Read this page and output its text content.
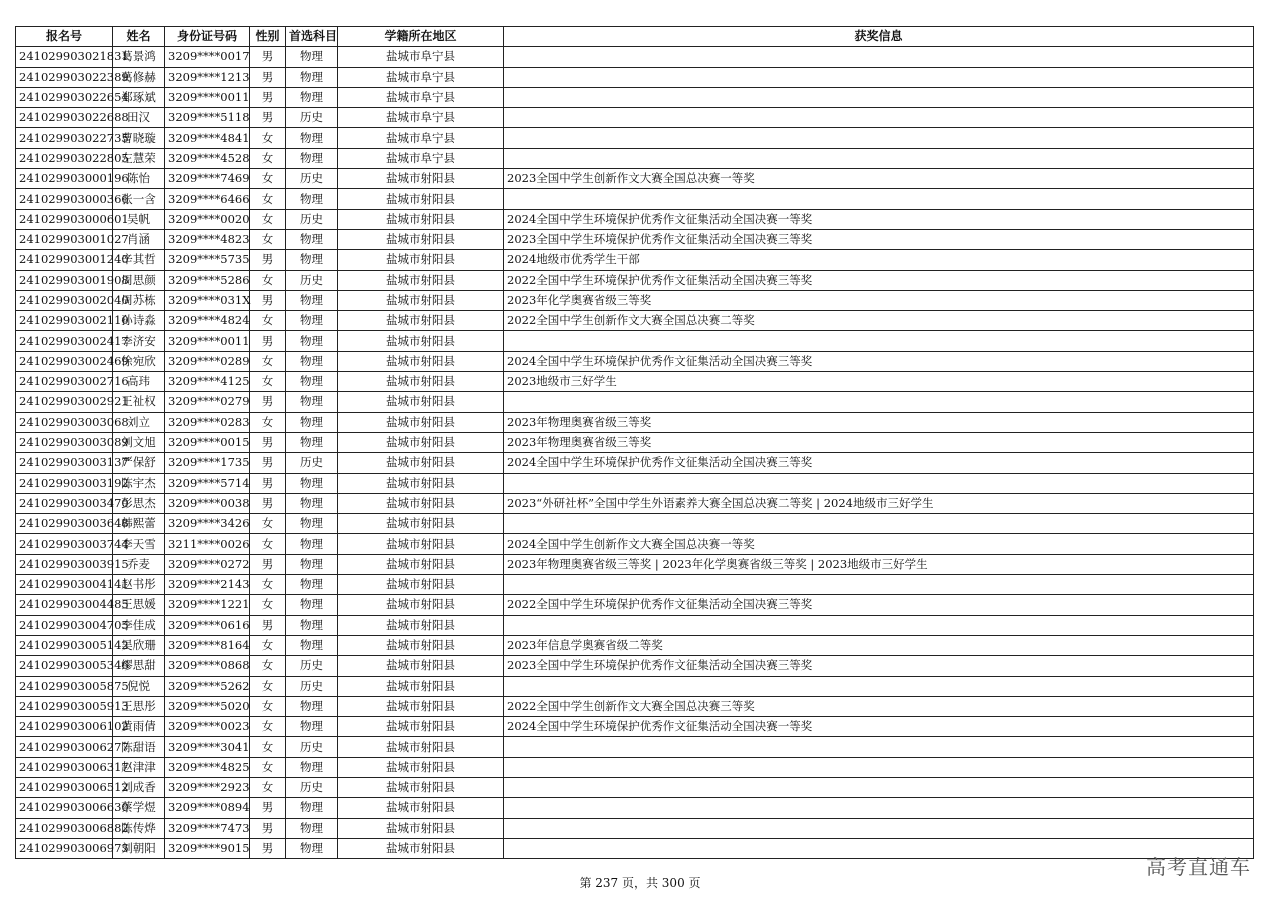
报名号	姓名	身份证号码	性别	首选科目	学籍所在地区	获奖信息
241029903021831	葛景鸿	3209****0017	男	物理	盐城市阜宁县	
241029903022389	葛修赫	3209****1213	男	物理	盐城市阜宁县	
241029903022654	郑琢斌	3209****0011	男	物理	盐城市阜宁县	
241029903022688	田汉	3209****5118	男	历史	盐城市阜宁县	
241029903022735	曹晓璇	3209****4841	女	物理	盐城市阜宁县	
241029903022805	左慧荣	3209****4528	女	物理	盐城市阜宁县	
241029903000196	陈怡	3209****7469	女	历史	盐城市射阳县	2023全国中学生创新作文大赛全国总决赛一等奖
241029903000366	张一含	3209****6466	女	物理	盐城市射阳县	
241029903000601	吴帆	3209****0020	女	历史	盐城市射阳县	2024全国中学生环境保护优秀作文征集活动全国决赛一等奖
241029903001027	肖涵	3209****4823	女	物理	盐城市射阳县	2023全国中学生环境保护优秀作文征集活动全国决赛三等奖
241029903001240	辛其哲	3209****5735	男	物理	盐城市射阳县	2024地级市优秀学生干部
241029903001908	周思颜	3209****5286	女	历史	盐城市射阳县	2022全国中学生环境保护优秀作文征集活动全国决赛三等奖
241029903002040	周苏栋	3209****031X	男	物理	盐城市射阳县	2023年化学奥赛省级三等奖
241029903002110	孙诗淼	3209****4824	女	物理	盐城市射阳县	2022全国中学生创新作文大赛全国总决赛二等奖
241029903002417	李济安	3209****0011	男	物理	盐城市射阳县	
241029903002469	徐宛欣	3209****0289	女	物理	盐城市射阳县	2024全国中学生环境保护优秀作文征集活动全国决赛三等奖
241029903002716	高玮	3209****4125	女	物理	盐城市射阳县	2023地级市三好学生
241029903002921	王祉权	3209****0279	男	物理	盐城市射阳县	
241029903003068	刘立	3209****0283	女	物理	盐城市射阳县	2023年物理奥赛省级三等奖
241029903003089	刘文旭	3209****0015	男	物理	盐城市射阳县	2023年物理奥赛省级三等奖
241029903003137	严保舒	3209****1735	男	历史	盐城市射阳县	2024全国中学生环境保护优秀作文征集活动全国决赛三等奖
241029903003192	陈宇杰	3209****5714	男	物理	盐城市射阳县	
241029903003470	彭思杰	3209****0038	男	物理	盐城市射阳县	2023“外研社杯”全国中学生外语素养大赛全国总决赛二等奖 | 2024地级市三好学生
241029903003648	韩熙蕾	3209****3426	女	物理	盐城市射阳县	
241029903003744	李天雪	3211****0026	女	物理	盐城市射阳县	2024全国中学生创新作文大赛全国总决赛一等奖
241029903003915	乔麦	3209****0272	男	物理	盐城市射阳县	2023年物理奥赛省级三等奖 | 2023年化学奥赛省级三等奖 | 2023地级市三好学生
241029903004141	赵书彤	3209****2143	女	物理	盐城市射阳县	
241029903004485	王思媛	3209****1221	女	物理	盐城市射阳县	2022全国中学生环境保护优秀作文征集活动全国决赛三等奖
241029903004705	李佳成	3209****0616	男	物理	盐城市射阳县	
241029903005142	吴欣珊	3209****8164	女	物理	盐城市射阳县	2023年信息学奥赛省级二等奖
241029903005346	缪思甜	3209****0868	女	历史	盐城市射阳县	2023全国中学生环境保护优秀作文征集活动全国决赛三等奖
241029903005875	倪悦	3209****5262	女	历史	盐城市射阳县	
241029903005913	王思彤	3209****5020	女	物理	盐城市射阳县	2022全国中学生创新作文大赛全国总决赛三等奖
241029903006102	黄雨倩	3209****0023	女	物理	盐城市射阳县	2024全国中学生环境保护优秀作文征集活动全国决赛一等奖
241029903006277	陈甜语	3209****3041	女	历史	盐城市射阳县	
241029903006317	赵津津	3209****4825	女	物理	盐城市射阳县	
241029903006512	刘成香	3209****2923	女	历史	盐城市射阳县	
241029903006630	蔡学煜	3209****0894	男	物理	盐城市射阳县	
241029903006882	陈传烨	3209****7473	男	物理	盐城市射阳县	
241029903006975	刘朝阳	3209****9015	男	物理	盐城市射阳县	
第 237 页，共 300 页
高考直通车
